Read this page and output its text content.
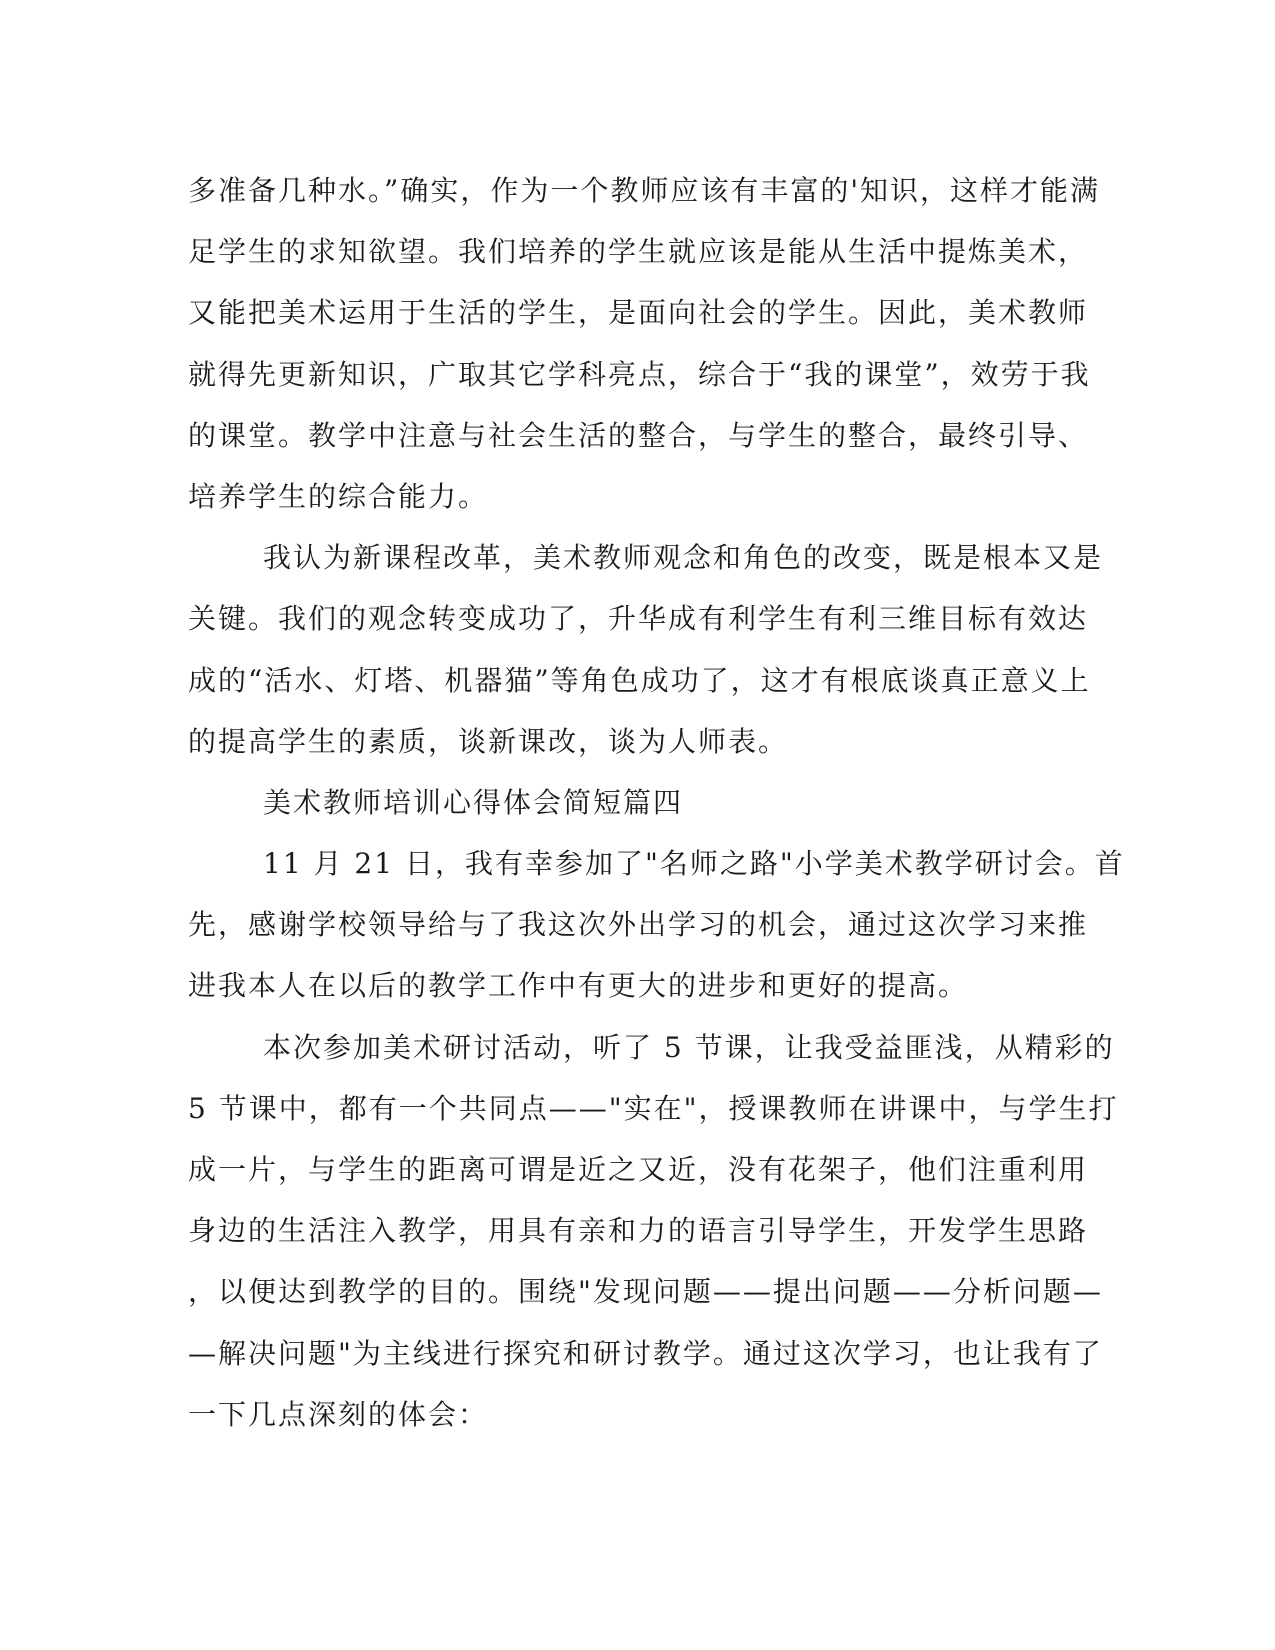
多准备几种水。”确实，作为一个教师应该有丰富的'知识，这样才能满
足学生的求知欲望。我们培养的学生就应该是能从生活中提炼美术，
又能把美术运用于生活的学生，是面向社会的学生。因此，美术教师
就得先更新知识，广取其它学科亮点，综合于“我的课堂”，效劳于我
的课堂。教学中注意与社会生活的整合，与学生的整合，最终引导、
培养学生的综合能力。
我认为新课程改革，美术教师观念和角色的改变，既是根本又是
关键。我们的观念转变成功了，升华成有利学生有利三维目标有效达
成的“活水、灯塔、机器猫”等角色成功了，这才有根底谈真正意义上
的提高学生的素质，谈新课改，谈为人师表。
美术教师培训心得体会简短篇四
11 月 21 日，我有幸参加了"名师之路"小学美术教学研讨会。首
先，感谢学校领导给与了我这次外出学习的机会，通过这次学习来推
进我本人在以后的教学工作中有更大的进步和更好的提高。
本次参加美术研讨活动，听了 5 节课，让我受益匪浅，从精彩的
5 节课中，都有一个共同点——"实在"，授课教师在讲课中，与学生打
成一片，与学生的距离可谓是近之又近，没有花架子，他们注重利用
身边的生活注入教学，用具有亲和力的语言引导学生，开发学生思路
，以便达到教学的目的。围绕"发现问题——提出问题——分析问题—
—解决问题"为主线进行探究和研讨教学。通过这次学习，也让我有了
一下几点深刻的体会：
